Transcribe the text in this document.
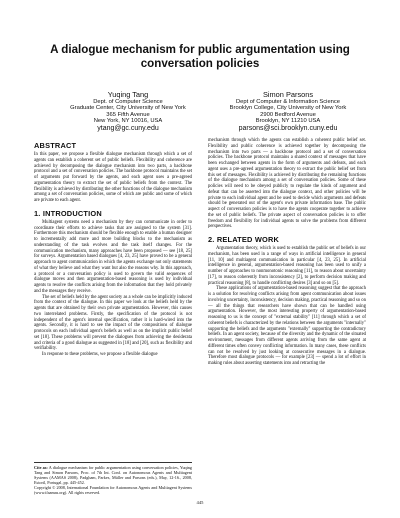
A dialogue mechanism for public argumentation using conversation policies
Yuqing Tang
Dept. of Computer Science
Graduate Center, City University of New York
365 Fifth Avenue
New York, NY 10016, USA
ytang@gc.cuny.edu
Simon Parsons
Dept of Computer & Information Science
Brooklyn College, City University of New York
2900 Bedford Avenue
Brooklyn, NY 11210 USA
parsons@sci.brooklyn.cuny.edu
ABSTRACT

In this paper, we propose a flexible dialogue mechanism through which a set of agents can establish a coherent set of public beliefs. Flexibility and coherence are achieved by decomposing the dialogue mechanism into two parts, a backbone protocol and a set of conversation policies. The backbone protocol maintains the set of arguments put forward by the agents, and each agent uses a pre-agreed argumentation theory to extract the set of public beliefs from the context. The flexibility is achieved by distributing the other functions of the dialogue mechanism among a set of conversation policies, some of which are public and some of which are private to each agent.

1. INTRODUCTION

Multiagent systems need a mechanism by they can communicate in order to coordinate their efforts to achieve tasks that are assigned to the system [31]. Furthermore this mechanism should be flexible enough to enable a human designer to incrementally add more and more building blocks to the mechanism as understanding of the task evolves and the task itself changes. For the communication mechanism, many approaches have been proposed — see [18, 25] for surveys. Argumentation based dialogues [4, 23, 25] have proved to be a general approach to agent communication in which the agents exchange not only statements of what they believe and what they want but also the reasons why. In this approach, a protocol or a conversation policy is used to govern the valid sequences of dialogue moves and then argumentation-based reasoning is used by individual agents to resolve the conflicts arising from the information that they hold privately and the messages they receive.

The set of beliefs held by the agent society as a whole can be implicitly induced from the context of the dialogue. In this paper we look at the beliefs held by the agents that are obtained by their own private argumentation. However, this causes two interrelated problems. Firstly, the specification of the protocol is not independent of the agent's internal specification, rather it is hard-wired into the agents. Secondly, it is hard to see the impact of the compositions of dialogue protocols on each individual agent's beliefs as well as on the implicit public belief set [18]. These problems will prevent the dialogues from achieving the desiderata and criteria of a good dialogue as suggested in [18] and [20], such as flexibility and verifiability.

In response to these problems, we propose a flexible dialogue

mechanism through which the agents can establish a coherent public belief set. Flexibility and public coherence is achieved together by decomposing the mechanism into two parts — a backbone protocol and a set of conversation policies. The backbone protocol maintains a shared context of messages that have been exchanged between agents in the form of arguments and defeats, and each agent uses a pre-agreed argumentation theory to extract the public belief set from this set of messages. Flexibility is achieved by distributing the remaining functions of the dialogue mechanism among a set of conversation policies. Some of these policies will need to be obeyed publicly to regulate the kinds of argument and defeat that can be asserted into the dialogue context, and other policies will be private to each individual agent and be used to decide which arguments and defeats should be generated out of the agent's own private information base. The public aspect of conversation policies is to have the agents cooperate together to achieve the set of public beliefs. The private aspect of conversation policies is to offer freedom and flexibility for individual agents to solve the problems from different perspectives.

2. RELATED WORK

Argumentation theory, which is used to establish the public set of beliefs in our mechanism, has been used in a range of ways in artificial intelligence in general [11, 10] and multiagent communication in particular [4, 23, 25]. In artificial intelligence in general, argumentation-based reasoning has been used to unify a number of approaches to nonmonotonic reasoning [11], to reason about uncertainty [17], to reason coherently from inconsistency [2], to perform decision making and practical reasoning [8], to handle conflicting desires [3] and so on [5].

These applications of argumentation-based reasoning suggest that the approach is a solution for resolving conflicts arising from agent communication about issues involving uncertainty, inconsistency, decision making, practical reasoning and so on — all the things that researchers have shown that can be handled using argumentation. However, the most interesting property of argumentation-based reasoning to us is the concept of "external stability" [11] through which a set of coherent beliefs is characterized by the relations between the arguments "internally" supporting the beliefs and the arguments "externally" supporting the contradictory beliefs. In an agent society, because of the diversity and the dynamic of the situated environment, messages from different agents arriving from the same agent at different times often convey conflicting information. In many cases, these conflicts can not be resolved by just looking at consecutive messages in a dialogue. Therefore most dialogue protocols — for example [23] — spend a lot of effort in making rules about asserting statements into and retracting the

Cite as: A dialogue mechanism for public argumentation using conversation policies, Yuqing Tang and Simon Parsons, Proc. of 7th Int. Conf. on Autonomous Agents and Multiagent Systems (AAMAS 2008), Padgham, Parkes, Müller and Parsons (eds.), May, 12-16., 2008, Estoril, Portugal, pp. 445-452.

Copyright © 2008, International Foundation for Autonomous Agents and Multiagent Systems (www.ifaamas.org). All rights reserved.

445
